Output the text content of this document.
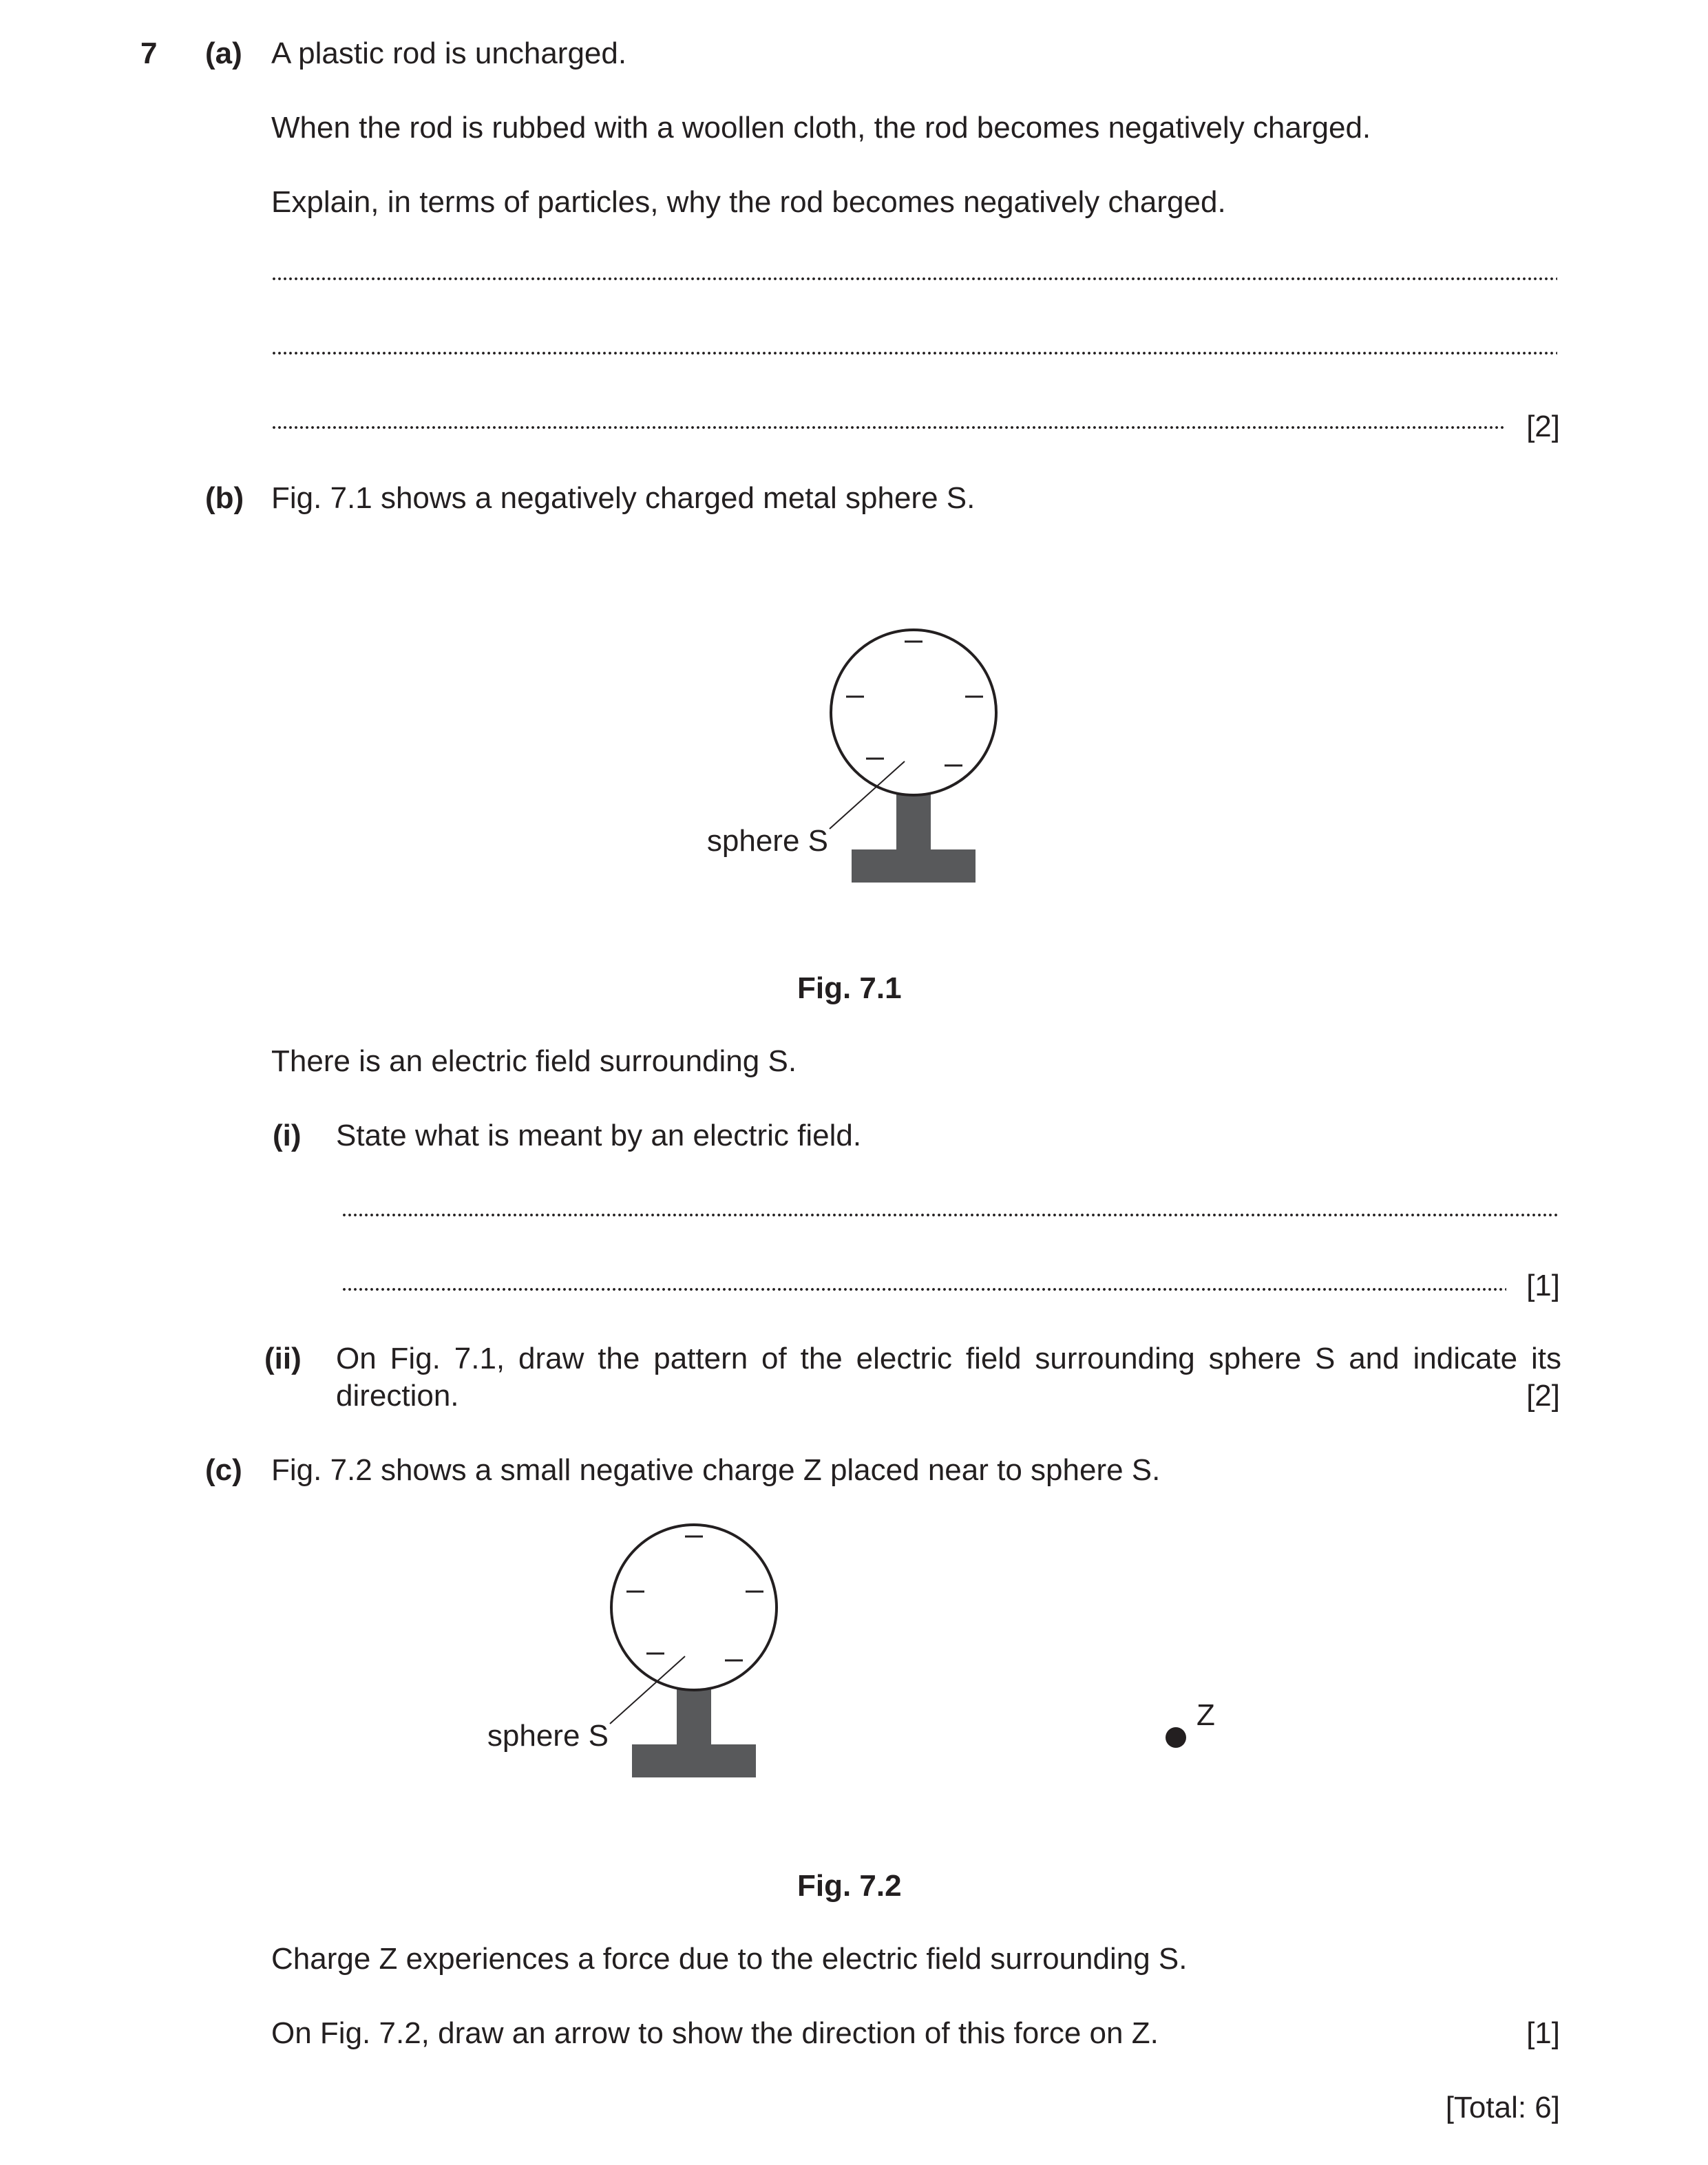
7 (a) A plastic rod is uncharged.
When the rod is rubbed with a woollen cloth, the rod becomes negatively charged.
Explain, in terms of particles, why the rod becomes negatively charged.
[2]
(b) Fig. 7.1 shows a negatively charged metal sphere S.
sphere S
Fig. 7.1
There is an electric field surrounding S.
(i) State what is meant by an electric field.
[1]
(ii) On Fig. 7.1, draw the pattern of the electric field surrounding sphere S and indicate its
direction.	[2]
(c) Fig. 7.2 shows a small negative charge Z placed near to sphere S.
sphere S
Z
Fig. 7.2
Charge Z experiences a force due to the electric field surrounding S.
On Fig. 7.2, draw an arrow to show the direction of this force on Z.	[1]
[Total: 6]
